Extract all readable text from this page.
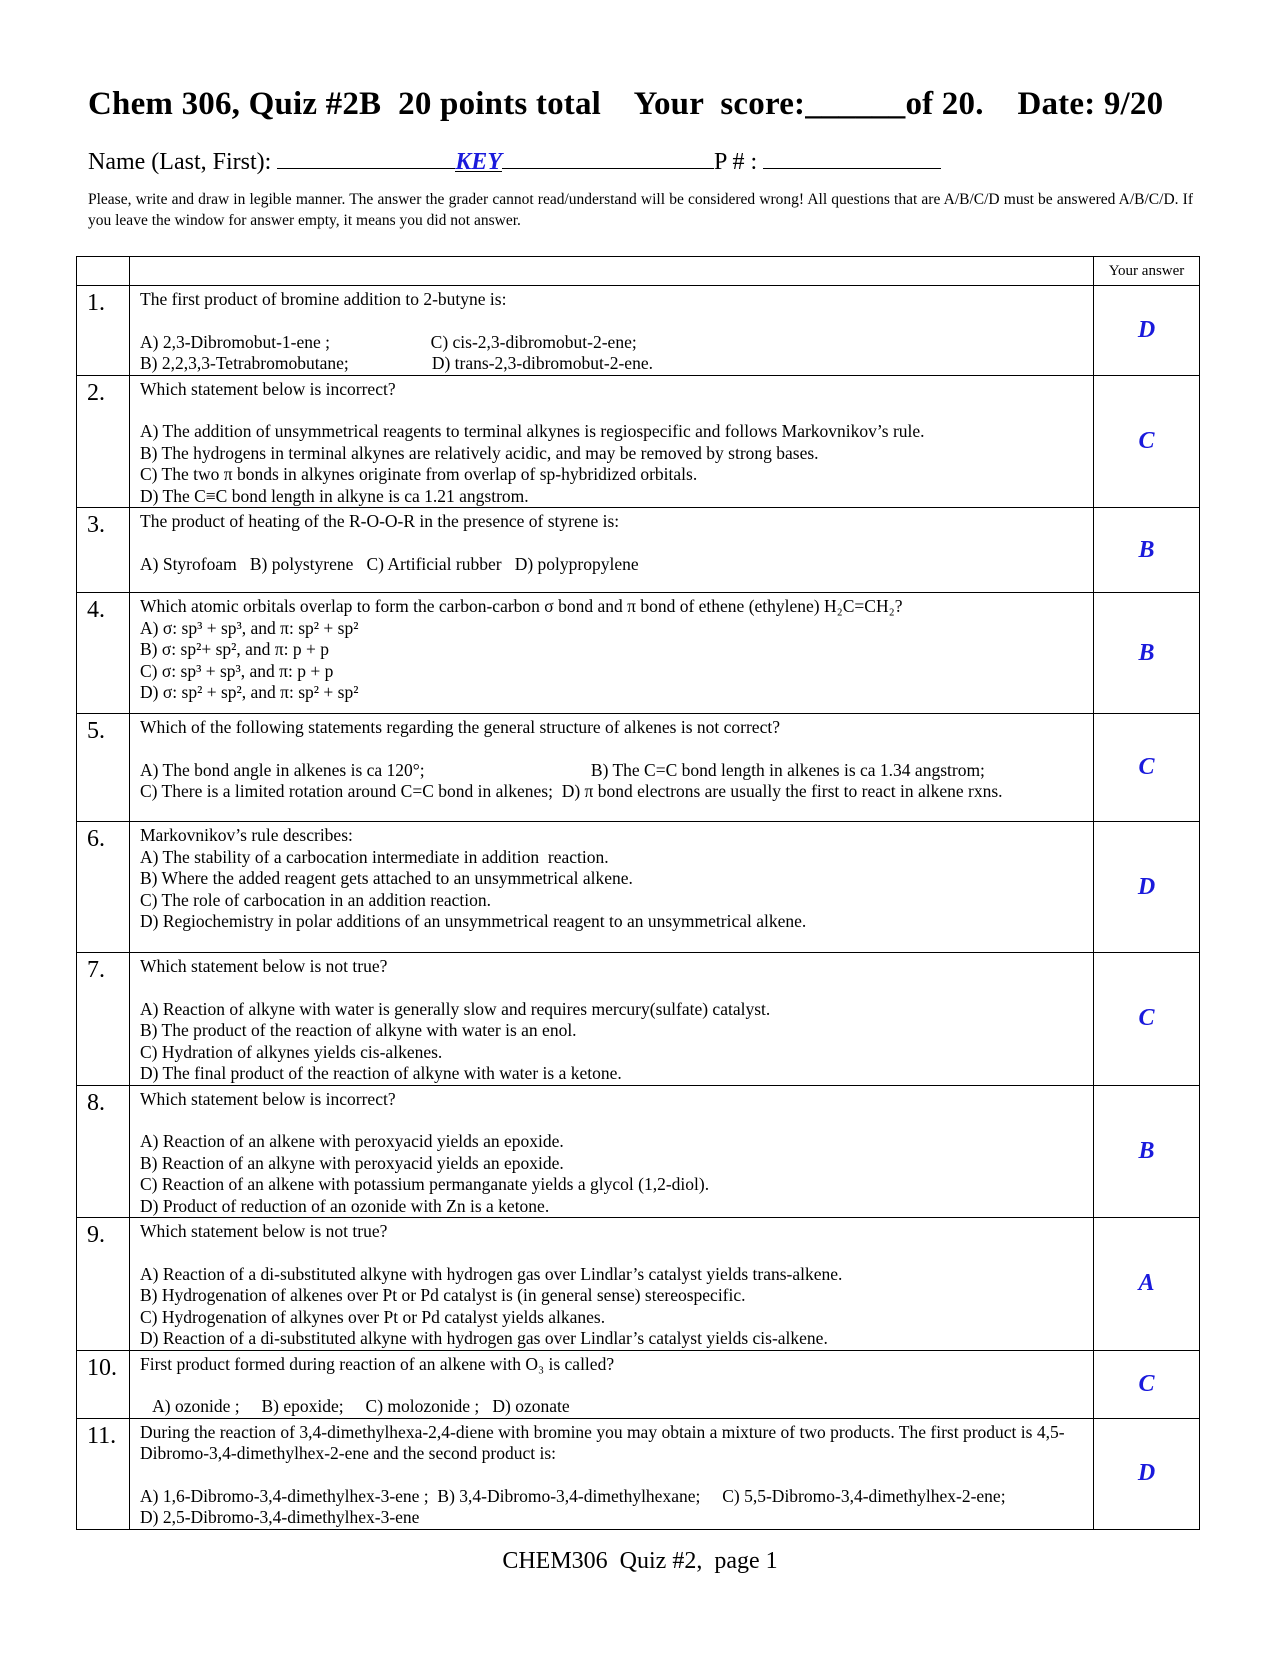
Chem 306, Quiz #2B  20 points total    Your  score:______of 20.    Date: 9/20
Name (Last, First):	KEY	P # :
Please, write and draw in legible manner. The answer the grader cannot read/understand will be considered wrong! All questions that are A/B/C/D must be answered A/B/C/D. If you leave the window for answer empty, it means you did not answer.
		Your answer
1.	The first product of bromine addition to 2-butyne is:
A) 2,3-Dibromobut-1-ene ;                       C) cis-2,3-dibromobut-2-ene;
B) 2,2,3,3-Tetrabromobutane;                   D) trans-2,3-dibromobut-2-ene.	D
2.	Which statement below is incorrect?
A) The addition of unsymmetrical reagents to terminal alkynes is regiospecific and follows Markovnikov’s rule.
B) The hydrogens in terminal alkynes are relatively acidic, and may be removed by strong bases.
C) The two π bonds in alkynes originate from overlap of sp-hybridized orbitals.
D) The C≡C bond length in alkyne is ca 1.21 angstrom.	C
3.	The product of heating of the R-O-O-R in the presence of styrene is:
A) Styrofoam   B) polystyrene   C) Artificial rubber   D) polypropylene	B
4.	Which atomic orbitals overlap to form the carbon-carbon σ bond and π bond of ethene (ethylene) H₂C=CH₂?
A) σ: sp³ + sp³, and π: sp² + sp²
B) σ: sp²+ sp², and π: p + p
C) σ: sp³ + sp³, and π: p + p
D) σ: sp² + sp², and π: sp² + sp²	B
5.	Which of the following statements regarding the general structure of alkenes is not correct?
A) The bond angle in alkenes is ca 120°;                                      B) The C=C bond length in alkenes is ca 1.34 angstrom;
C) There is a limited rotation around C=C bond in alkenes;  D) π bond electrons are usually the first to react in alkene rxns.	C
6.	Markovnikov’s rule describes:
A) The stability of a carbocation intermediate in addition  reaction.
B) Where the added reagent gets attached to an unsymmetrical alkene.
C) The role of carbocation in an addition reaction.
D) Regiochemistry in polar additions of an unsymmetrical reagent to an unsymmetrical alkene.	D
7.	Which statement below is not true?
A) Reaction of alkyne with water is generally slow and requires mercury(sulfate) catalyst.
B) The product of the reaction of alkyne with water is an enol.
C) Hydration of alkynes yields cis-alkenes.
D) The final product of the reaction of alkyne with water is a ketone.	C
8.	Which statement below is incorrect?
A) Reaction of an alkene with peroxyacid yields an epoxide.
B) Reaction of an alkyne with peroxyacid yields an epoxide.
C) Reaction of an alkene with potassium permanganate yields a glycol (1,2-diol).
D) Product of reduction of an ozonide with Zn is a ketone.	B
9.	Which statement below is not true?
A) Reaction of a di-substituted alkyne with hydrogen gas over Lindlar’s catalyst yields trans-alkene.
B) Hydrogenation of alkenes over Pt or Pd catalyst is (in general sense) stereospecific.
C) Hydrogenation of alkynes over Pt or Pd catalyst yields alkanes.
D) Reaction of a di-substituted alkyne with hydrogen gas over Lindlar’s catalyst yields cis-alkene.	A
10.	First product formed during reaction of an alkene with O₃ is called?
A) ozonide ;     B) epoxide;     C) molozonide ;   D) ozonate	C
11.	During the reaction of 3,4-dimethylhexa-2,4-diene with bromine you may obtain a mixture of two products. The first product is 4,5-Dibromo-3,4-dimethylhex-2-ene and the second product is:
A) 1,6-Dibromo-3,4-dimethylhex-3-ene ;  B) 3,4-Dibromo-3,4-dimethylhexane;     C) 5,5-Dibromo-3,4-dimethylhex-2-ene;
D) 2,5-Dibromo-3,4-dimethylhex-3-ene	D
CHEM306  Quiz #2,  page 1
